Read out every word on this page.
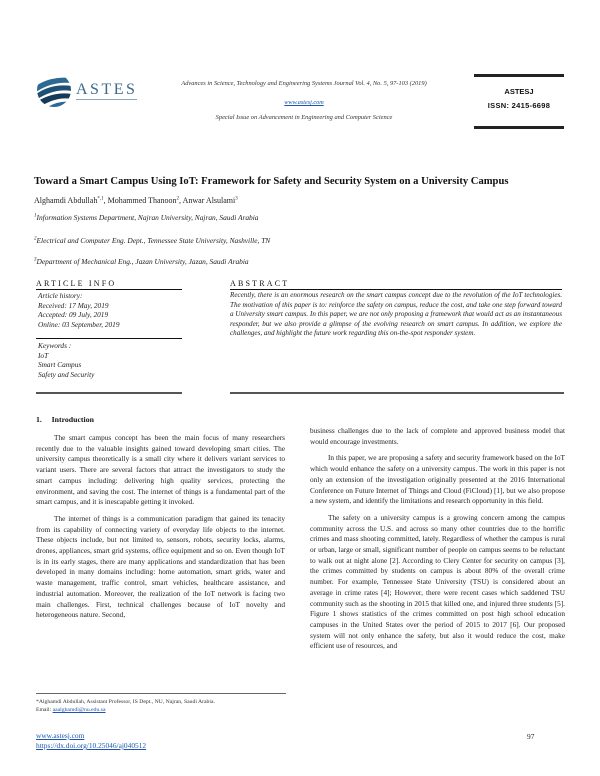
ASTES	Advances in Science, Technology and Engineering Systems Journal Vol. 4, No. 5, 97-103 (2019)
www.astesj.com
Special Issue on Advancement in Engineering and Computer Science
ASTESJ
ISSN: 2415-6698
Toward a Smart Campus Using IoT: Framework for Safety and Security System on a University Campus
Alghamdi Abdullah$^{*,1}$, Mohammed Thanoon$^2$, Anwar Alsulami$^3$
$^1$Information Systems Department, Najran University, Najran, Saudi Arabia
$^2$Electrical and Computer Eng. Dept., Tennessee State University, Nashville, TN
$^3$Department of Mechanical Eng., Jazan University, Jazan, Saudi Arabia
ARTICLE INFO
Article history:
Received: 17 May, 2019
Accepted: 09 July, 2019
Online: 03 September, 2019
Keywords :
IoT
Smart Campus
Safety and Security
ABSTRACT
Recently, there is an enormous research on the smart campus concept due to the revolution of the IoT technologies. The motivation of this paper is to: reinforce the safety on campus, reduce the cost, and take one step forward toward a University smart campus. In this paper, we are not only proposing a framework that would act as an instantaneous responder, but we also provide a glimpse of the evolving research on smart campus. In addition, we explore the challenges, and highlight the future work regarding this on-the-spot responder system.
1. Introduction

The smart campus concept has been the main focus of many researchers recently due to the valuable insights gained toward developing smart cities. The university campus theoretically is a small city where it delivers variant services to variant users. There are several factors that attract the investigators to study the smart campus including: delivering high quality services, protecting the environment, and saving the cost. The internet of things is a fundamental part of the smart campus, and it is inescapable getting it invoked.

The internet of things is a communication paradigm that gained its tenacity from its capability of connecting variety of everyday life objects to the internet. These objects include, but not limited to, sensors, robots, security locks, alarms, drones, appliances, smart grid systems, office equipment and so on. Even though IoT is in its early stages, there are many applications and standardization that has been developed in many domains including: home automation, smart grids, water and waste management, traffic control, smart vehicles, healthcare assistance, and industrial automation. Moreover, the realization of the IoT network is facing two main challenges. First, technical challenges because of IoT novelty and heterogeneous nature. Second,

business challenges due to the lack of complete and approved business model that would encourage investments.

In this paper, we are proposing a safety and security framework based on the IoT which would enhance the safety on a university campus. The work in this paper is not only an extension of the investigation originally presented at the 2016 International Conference on Future Internet of Things and Cloud (FiCloud) [1], but we also propose a new system, and identify the limitations and research opportunity in this field.

The safety on a university campus is a growing concern among the campus community across the U.S. and across so many other countries due to the horrific crimes and mass shooting committed, lately. Regardless of whether the campus is rural or urban, large or small, significant number of people on campus seems to be reluctant to walk out at night alone [2]. According to Clery Center for security on campus [3], the crimes committed by students on campus is about 80% of the overall crime number. For example, Tennessee State University (TSU) is considered about an average in crime rates [4]; However, there were recent cases which saddened TSU community such as the shooting in 2015 that killed one, and injured three students [5]. Figure 1 shows statistics of the crimes committed on post high school education campuses in the United States over the period of 2015 to 2017 [6]. Our proposed system will not only enhance the safety, but also it would reduce the cost, make efficient use of resources, and

*Alghamdi Abdullah, Assistant Professor, IS Dept., NU, Najran, Saudi Arabia.
Email: aaalghamdi@nu.edu.sa
www.astesj.com
https://dx.doi.org/10.25046/aj040512
97
